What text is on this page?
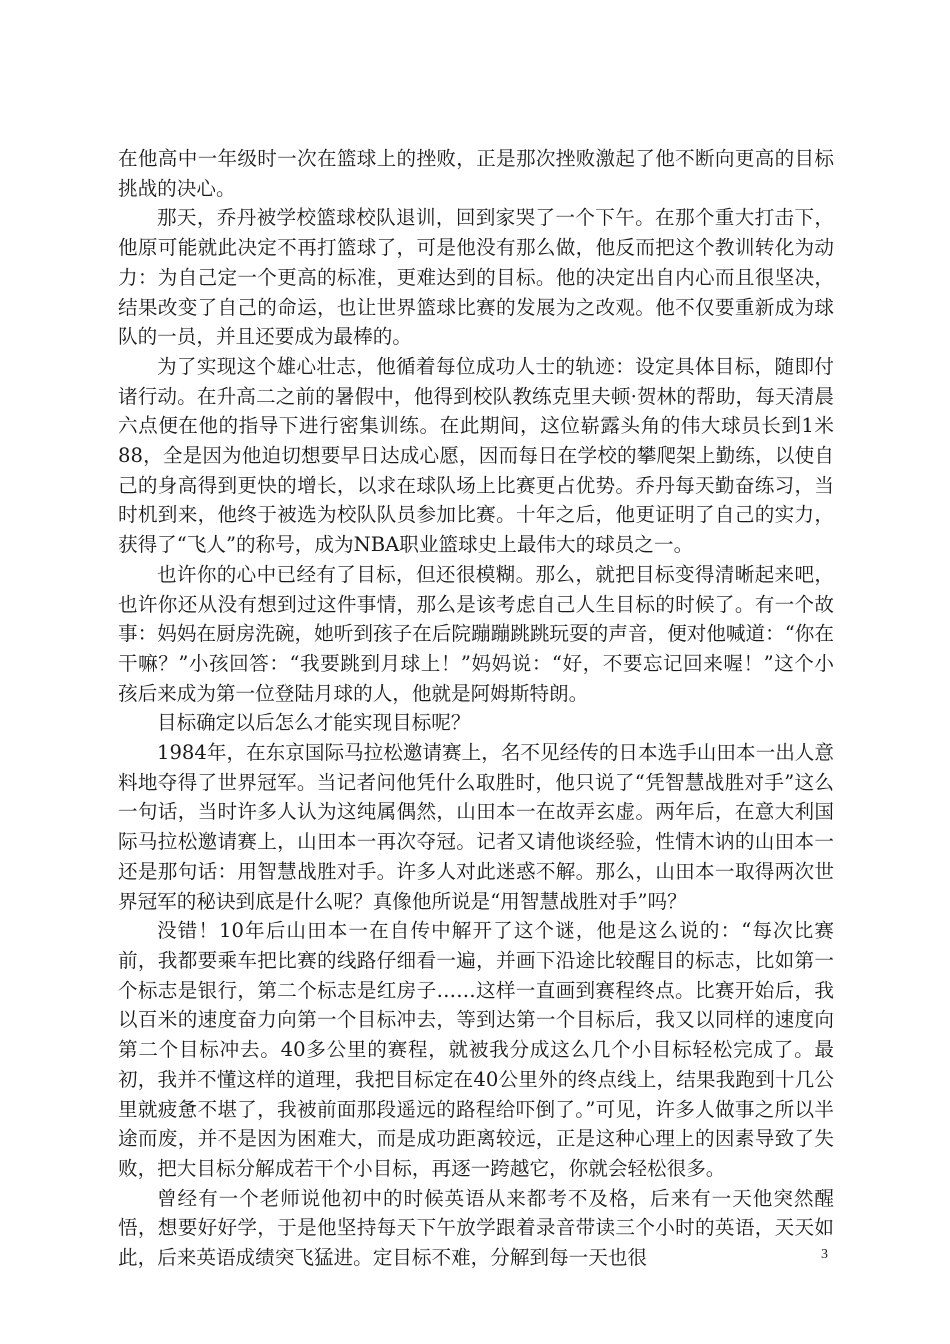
在他高中一年级时一次在篮球上的挫败，正是那次挫败激起了他不断向更高的目标挑战的决心。

那天，乔丹被学校篮球校队退训，回到家哭了一个下午。在那个重大打击下，他原可能就此决定不再打篮球了，可是他没有那么做，他反而把这个教训转化为动力：为自己定一个更高的标准，更难达到的目标。他的决定出自内心而且很坚决，结果改变了自己的命运，也让世界篮球比赛的发展为之改观。他不仅要重新成为球队的一员，并且还要成为最棒的。

为了实现这个雄心壮志，他循着每位成功人士的轨迹：设定具体目标，随即付诸行动。在升高二之前的暑假中，他得到校队教练克里夫顿·贺林的帮助，每天清晨六点便在他的指导下进行密集训练。在此期间，这位崭露头角的伟大球员长到1米88，全是因为他迫切想要早日达成心愿，因而每日在学校的攀爬架上勤练，以使自己的身高得到更快的增长，以求在球队场上比赛更占优势。乔丹每天勤奋练习，当时机到来，他终于被选为校队队员参加比赛。十年之后，他更证明了自己的实力，获得了“飞人”的称号，成为NBA职业篮球史上最伟大的球员之一。

也许你的心中已经有了目标，但还很模糊。那么，就把目标变得清晰起来吧，也许你还从没有想到过这件事情，那么是该考虑自己人生目标的时候了。有一个故事：妈妈在厨房洗碗，她听到孩子在后院蹦蹦跳跳玩耍的声音，便对他喊道：“你在干嘛？”小孩回答：“我要跳到月球上！”妈妈说：“好，不要忘记回来喔！”这个小孩后来成为第一位登陆月球的人，他就是阿姆斯特朗。

目标确定以后怎么才能实现目标呢？

1984年，在东京国际马拉松邀请赛上，名不见经传的日本选手山田本一出人意料地夺得了世界冠军。当记者问他凭什么取胜时，他只说了“凭智慧战胜对手”这么一句话，当时许多人认为这纯属偶然，山田本一在故弄玄虚。两年后，在意大利国际马拉松邀请赛上，山田本一再次夺冠。记者又请他谈经验，性情木讷的山田本一还是那句话：用智慧战胜对手。许多人对此迷惑不解。那么，山田本一取得两次世界冠军的秘诀到底是什么呢？真像他所说是“用智慧战胜对手”吗？

没错！10年后山田本一在自传中解开了这个谜，他是这么说的：“每次比赛前，我都要乘车把比赛的线路仔细看一遍，并画下沿途比较醒目的标志，比如第一个标志是银行，第二个标志是红房子……这样一直画到赛程终点。比赛开始后，我以百米的速度奋力向第一个目标冲去，等到达第一个目标后，我又以同样的速度向第二个目标冲去。40多公里的赛程，就被我分成这么几个小目标轻松完成了。最初，我并不懂这样的道理，我把目标定在40公里外的终点线上，结果我跑到十几公里就疲惫不堪了，我被前面那段遥远的路程给吓倒了。”可见，许多人做事之所以半途而废，并不是因为困难大，而是成功距离较远，正是这种心理上的因素导致了失败，把大目标分解成若干个小目标，再逐一跨越它，你就会轻松很多。

曾经有一个老师说他初中的时候英语从来都考不及格，后来有一天他突然醒悟，想要好好学，于是他坚持每天下午放学跟着录音带读三个小时的英语，天天如此，后来英语成绩突飞猛进。定目标不难，分解到每一天也很	3
